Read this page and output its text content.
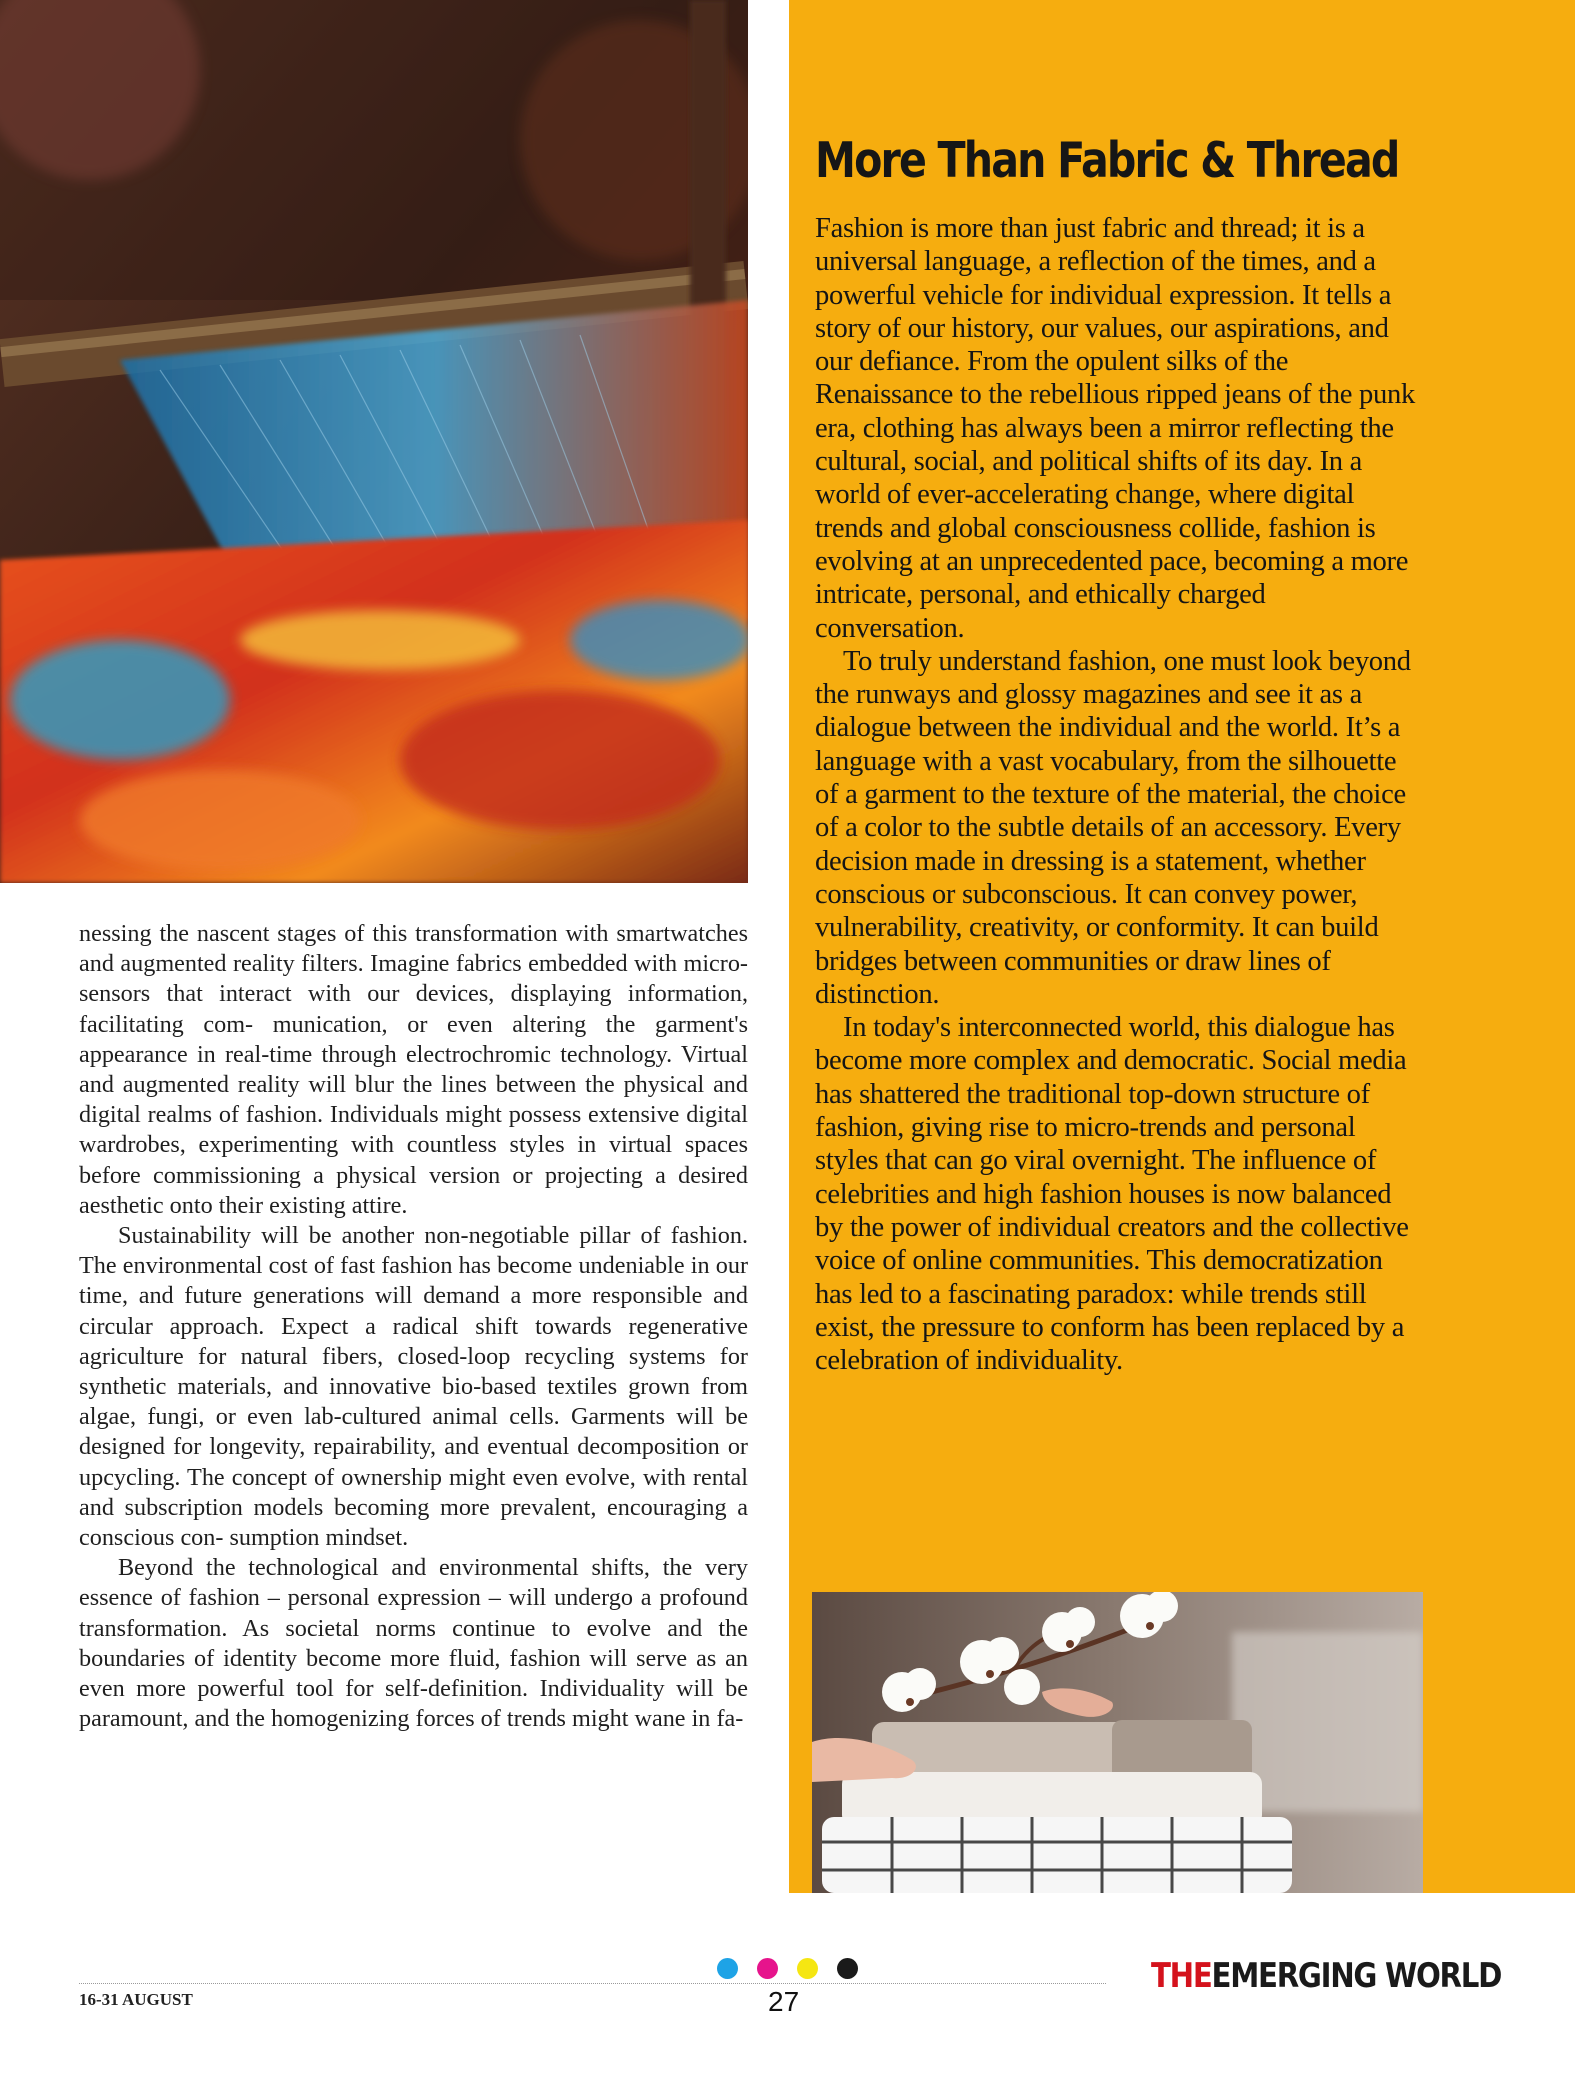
More Than Fabric & Thread

Fashion is more than just fabric and thread; it is a universal language, a reflection of the times, and a powerful vehicle for individual expression. It tells a story of our history, our values, our aspirations, and our defiance. From the opulent silks of the Renaissance to the rebellious ripped jeans of the punk era, clothing has always been a mirror reflecting the cultural, social, and political shifts of its day. In a world of ever-accelerating change, where digital trends and global consciousness collide, fashion is evolving at an unprecedented pace, becoming a more intricate, personal, and ethically charged conversation.

To truly understand fashion, one must look beyond the runways and glossy magazines and see it as a dialogue between the individual and the world. It’s a language with a vast vocabulary, from the silhouette of a garment to the texture of the material, the choice of a color to the subtle details of an accessory. Every decision made in dressing is a statement, whether conscious or subconscious. It can convey power, vulnerability, creativity, or conformity. It can build bridges between communities or draw lines of distinction.

In today's interconnected world, this dialogue has become more complex and democratic. Social media has shattered the traditional top-down structure of fashion, giving rise to micro-trends and personal styles that can go viral overnight. The influence of celebrities and high fashion houses is now balanced by the power of individual creators and the collective voice of online communities. This democratization has led to a fascinating paradox: while trends still exist, the pressure to conform has been replaced by a celebration of individuality.

nessing the nascent stages of this transformation with smartwatches and augmented reality filters. Imagine fabrics embedded with micro-sensors that interact with our devices, displaying information, facilitating com- munication, or even altering the garment's appearance in real-time through electrochromic technology. Virtual and augmented reality will blur the lines between the physical and digital realms of fashion. Individuals might possess extensive digital wardrobes, experimenting with countless styles in virtual spaces before commissioning a physical version or projecting a desired aesthetic onto their existing attire.

Sustainability will be another non-negotiable pillar of fashion. The environmental cost of fast fashion has become undeniable in our time, and future generations will demand a more responsible and circular approach. Expect a radical shift towards regenerative agriculture for natural fibers, closed-loop recycling systems for synthetic materials, and innovative bio-based textiles grown from algae, fungi, or even lab-cultured animal cells. Garments will be designed for longevity, repairability, and eventual decomposition or upcycling. The concept of ownership might even evolve, with rental and subscription models becoming more prevalent, encouraging a conscious con- sumption mindset.

Beyond the technological and environmental shifts, the very essence of fashion – personal expression – will undergo a profound transformation. As societal norms continue to evolve and the boundaries of identity become more fluid, fashion will serve as an even more powerful tool for self-definition. Individuality will be paramount, and the homogenizing forces of trends might wane in fa-

16-31 AUGUST	27
THEEMERGING WORLD
